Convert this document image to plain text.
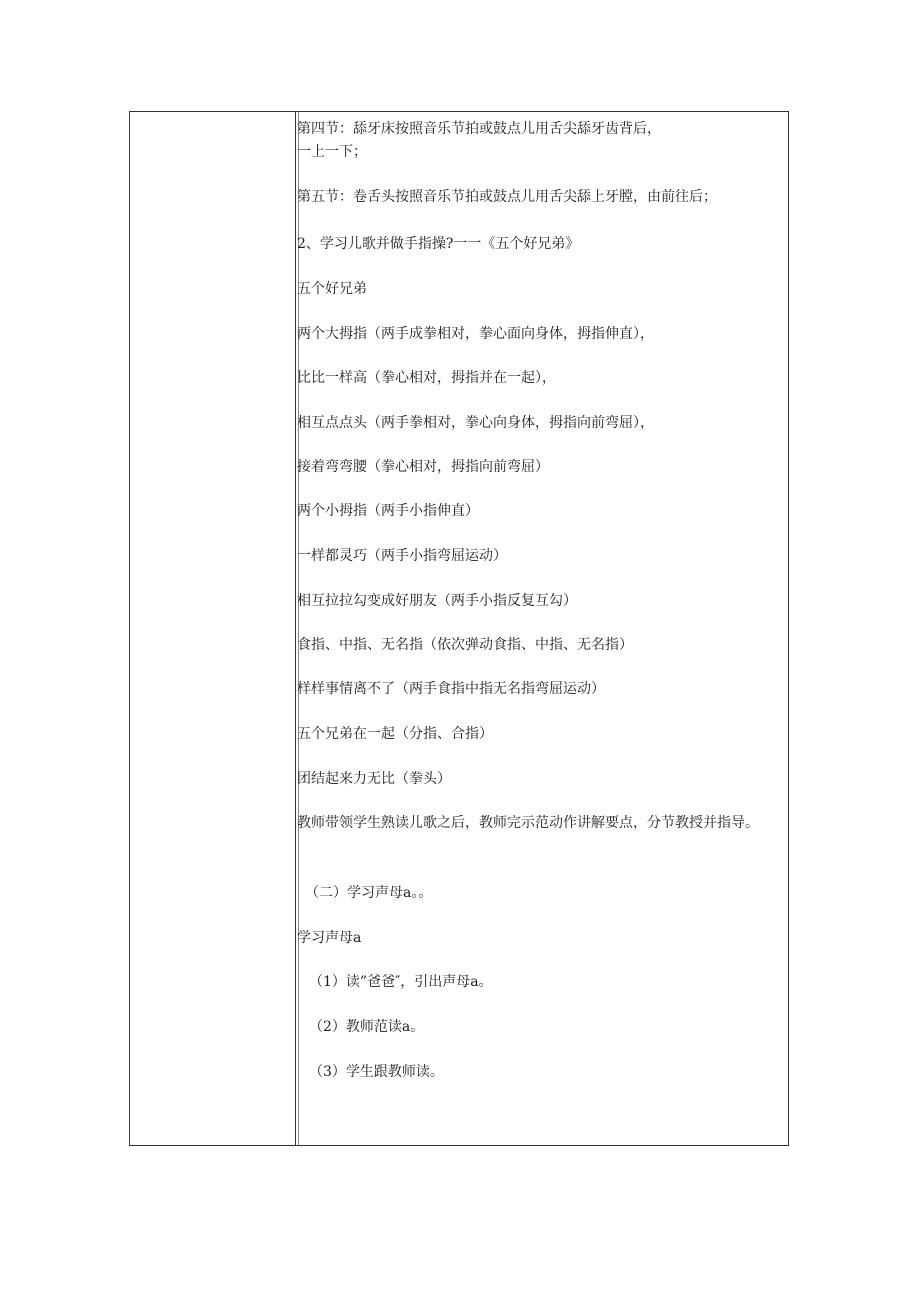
第四节：舔牙床按照音乐节拍或鼓点儿用舌尖舔牙齿背后，
一上一下；
第五节：卷舌头按照音乐节拍或鼓点儿用舌尖舔上牙膛，由前往后；
2、学习儿歌并做手指操?一一《五个好兄弟》
五个好兄弟
两个大拇指（两手成拳相对，拳心面向身体，拇指伸直），
比比一样高（拳心相对，拇指并在一起），
相互点点头（两手拳相对，拳心向身体，拇指向前弯屈），
接着弯弯腰（拳心相对，拇指向前弯屈）
两个小拇指（两手小指伸直）
一样都灵巧（两手小指弯屈运动）
相互拉拉勾变成好朋友（两手小指反复互勾）
食指、中指、无名指（依次弹动食指、中指、无名指）
样样事情离不了（两手食指中指无名指弯屈运动）
五个兄弟在一起（分指、合指）
团结起来力无比（拳头）
教师带领学生熟读儿歌之后，教师完示范动作讲解要点，分节教授并指导。
（二）学习声母a。。
学习声母a
（1）读”爸爸″，引出声母a。
（2）教师范读a。
（3）学生跟教师读。
